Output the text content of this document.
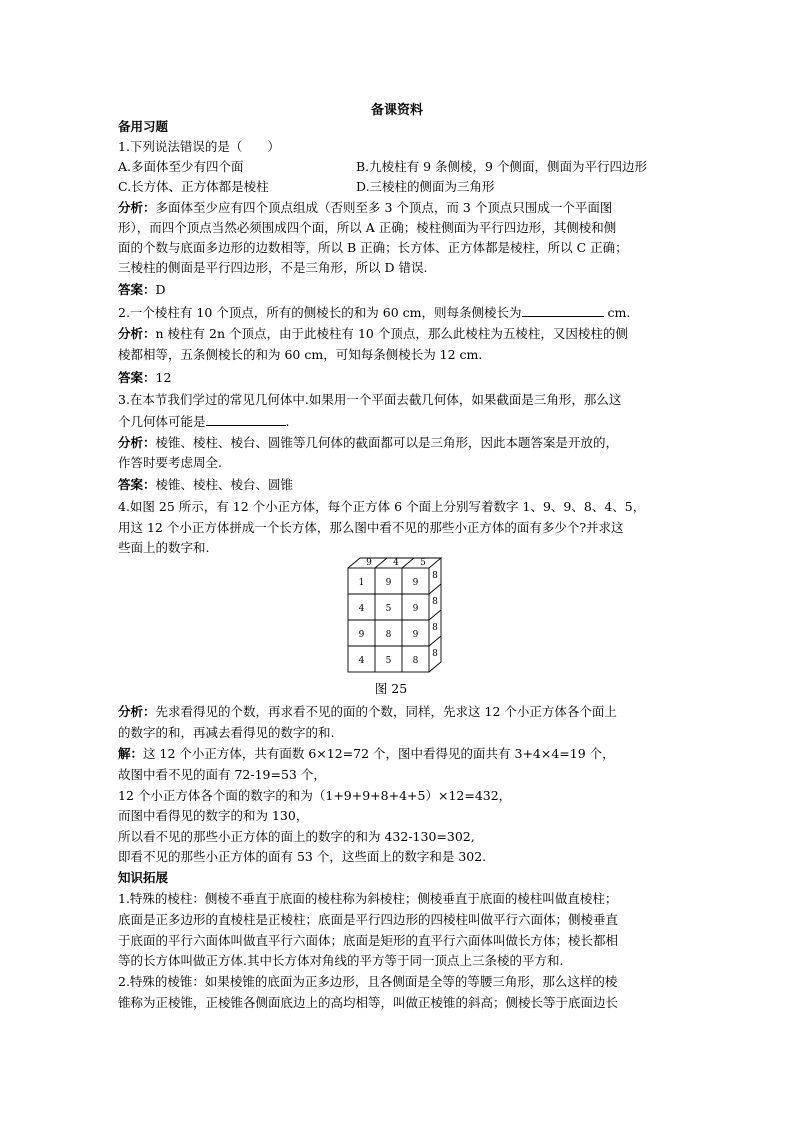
备课资料
备用习题
1.下列说法错误的是（　　）
A.多面体至少有四个面	B.九棱柱有 9 条侧棱，9 个侧面，侧面为平行四边形
C.长方体、正方体都是棱柱	D.三棱柱的侧面为三角形
分析：多面体至少应有四个顶点组成（否则至多 3 个顶点，而 3 个顶点只围成一个平面图
形），而四个顶点当然必须围成四个面，所以 A 正确；棱柱侧面为平行四边形，其侧棱和侧
面的个数与底面多边形的边数相等，所以 B 正确；长方体、正方体都是棱柱，所以 C 正确；
三棱柱的侧面是平行四边形，不是三角形，所以 D 错误.
答案：D
2.一个棱柱有 10 个顶点，所有的侧棱长的和为 60 cm，则每条侧棱长为	cm.
分析：n 棱柱有 2n 个顶点，由于此棱柱有 10 个顶点，那么此棱柱为五棱柱，又因棱柱的侧
棱都相等，五条侧棱长的和为 60 cm，可知每条侧棱长为 12 cm.
答案：12
3.在本节我们学过的常见几何体中.如果用一个平面去截几何体，如果截面是三角形，那么这
个几何体可能是	.
分析：棱锥、棱柱、棱台、圆锥等几何体的截面都可以是三角形，因此本题答案是开放的，
作答时要考虑周全.
答案：棱锥、棱柱、棱台、圆锥
4.如图 25 所示，有 12 个小正方体，每个正方体 6 个面上分别写着数字 1、9、9、8、4、5，
用这 12 个小正方体拼成一个长方体，那么图中看不见的那些小正方体的面有多少个?并求这
些面上的数字和.
9 4 5
1 9 9
4 5 9
9 8 9
4 5 8
8
8
8
8
图 25
分析：先求看得见的个数，再求看不见的面的个数，同样，先求这 12 个小正方体各个面上
的数字的和，再减去看得见的数字的和.
解：这 12 个小正方体，共有面数 6×12=72 个，图中看得见的面共有 3+4×4=19 个，
故图中看不见的面有 72-19=53 个，
12 个小正方体各个面的数字的和为（1+9+9+8+4+5）×12=432，
而图中看得见的数字的和为 130，
所以看不见的那些小正方体的面上的数字的和为 432-130=302,
即看不见的那些小正方体的面有 53 个，这些面上的数字和是 302.
知识拓展
1.特殊的棱柱：侧棱不垂直于底面的棱柱称为斜棱柱；侧棱垂直于底面的棱柱叫做直棱柱；
底面是正多边形的直棱柱是正棱柱；底面是平行四边形的四棱柱叫做平行六面体；侧棱垂直
于底面的平行六面体叫做直平行六面体；底面是矩形的直平行六面体叫做长方体；棱长都相
等的长方体叫做正方体.其中长方体对角线的平方等于同一顶点上三条棱的平方和.
2.特殊的棱锥：如果棱锥的底面为正多边形，且各侧面是全等的等腰三角形，那么这样的棱
锥称为正棱锥，正棱锥各侧面底边上的高均相等，叫做正棱锥的斜高；侧棱长等于底面边长
